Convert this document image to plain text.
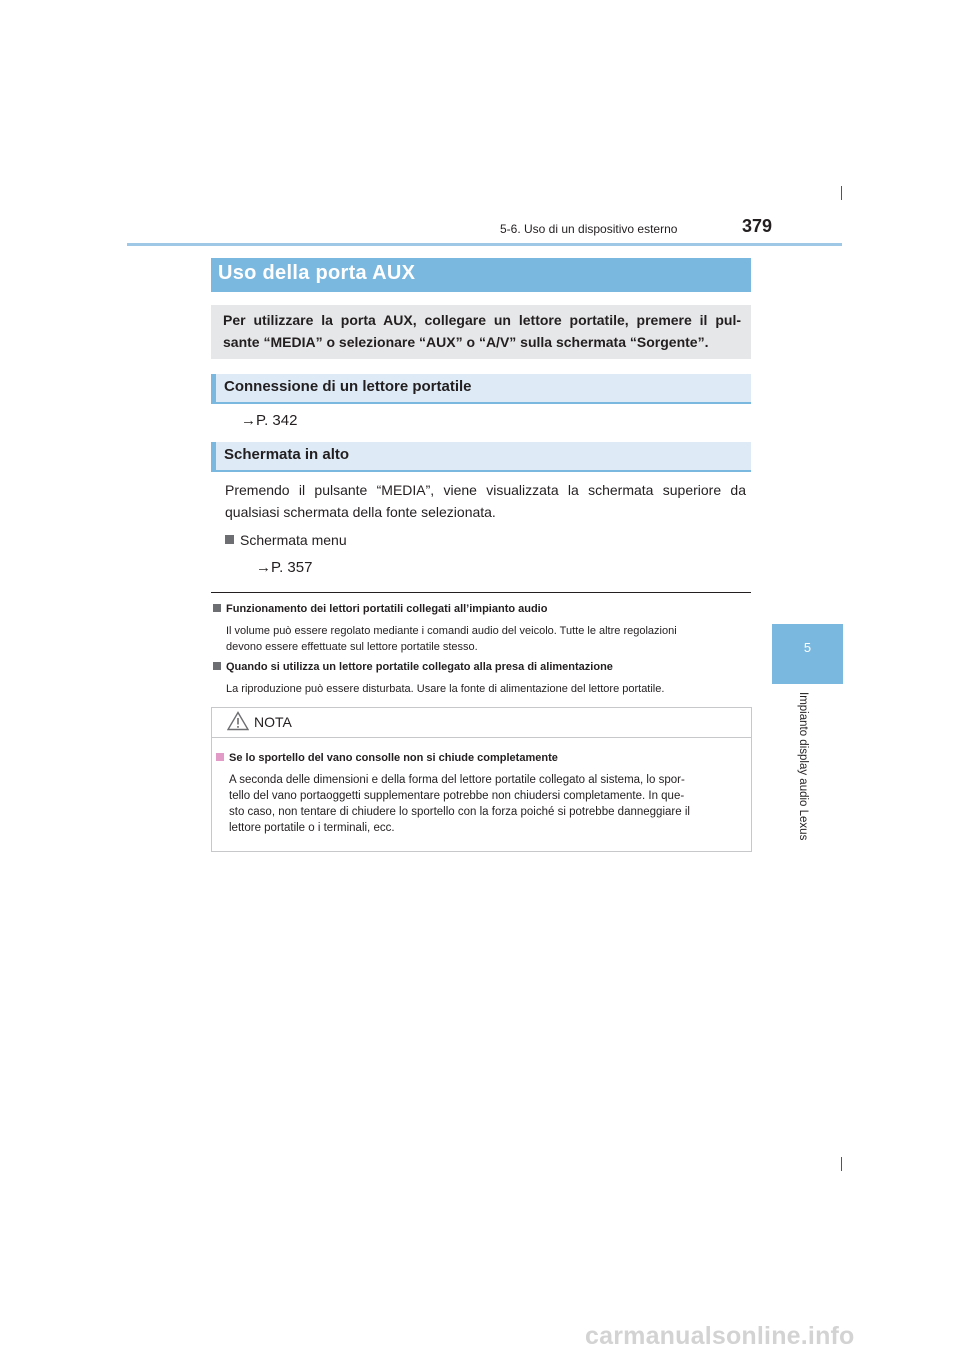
5-6. Uso di un dispositivo esterno	379
5
Impianto display audio Lexus
Uso della porta AUX
Per utilizzare la porta AUX, collegare un lettore portatile, premere il pul-
sante “MEDIA” o selezionare “AUX” o “A/V” sulla schermata “Sorgente”.
Connessione di un lettore portatile
→P. 342
Schermata in alto
Premendo il pulsante “MEDIA”, viene visualizzata la schermata superiore da
qualsiasi schermata della fonte selezionata.
Schermata menu
→P. 357
Funzionamento dei lettori portatili collegati all’impianto audio
Il volume può essere regolato mediante i comandi audio del veicolo. Tutte le altre regolazioni
devono essere effettuate sul lettore portatile stesso.
Quando si utilizza un lettore portatile collegato alla presa di alimentazione
La riproduzione può essere disturbata. Usare la fonte di alimentazione del lettore portatile.
NOTA
Se lo sportello del vano consolle non si chiude completamente
A seconda delle dimensioni e della forma del lettore portatile collegato al sistema, lo spor-
tello del vano portaoggetti supplementare potrebbe non chiudersi completamente. In que-
sto caso, non tentare di chiudere lo sportello con la forza poiché si potrebbe danneggiare il
lettore portatile o i terminali, ecc.
carmanualsonline.info
